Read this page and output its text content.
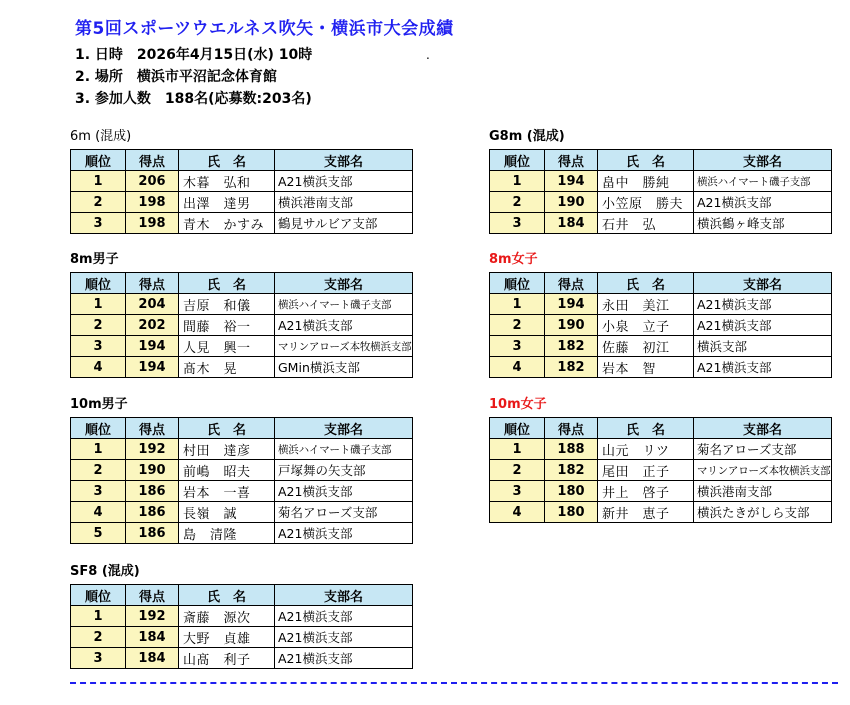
第5回スポーツウエルネス吹矢・横浜市大会成績
1. 日時　2026年4月15日(水) 10時
2. 場所　横浜市平沼記念体育館
3. 参加人数　188名(応募数:203名)
.
6m (混成)
順位	得点	氏　名	支部名
1	206	木暮　弘和	A21横浜支部
2	198	出澤　達男	横浜港南支部
3	198	青木　かすみ	鶴見サルビア支部
G8m (混成)
順位	得点	氏　名	支部名
1	194	畠中　勝純	横浜ハイマート磯子支部
2	190	小笠原　勝夫	A21横浜支部
3	184	石井　弘	横浜鶴ヶ峰支部
8m男子
順位	得点	氏　名	支部名
1	204	吉原　和儀	横浜ハイマート磯子支部
2	202	間藤　裕一	A21横浜支部
3	194	人見　興一	マリンアローズ本牧横浜支部
4	194	髙木　晃	GMin横浜支部
8m女子
順位	得点	氏　名	支部名
1	194	永田　美江	A21横浜支部
2	190	小泉　立子	A21横浜支部
3	182	佐藤　初江	横浜支部
4	182	岩本　智	A21横浜支部
10m男子
順位	得点	氏　名	支部名
1	192	村田　達彦	横浜ハイマート磯子支部
2	190	前嶋　昭夫	戸塚舞の矢支部
3	186	岩本　一喜	A21横浜支部
4	186	長嶺　誠	菊名アローズ支部
5	186	島　清隆	A21横浜支部
10m女子
順位	得点	氏　名	支部名
1	188	山元　リツ	菊名アローズ支部
2	182	尾田　正子	マリンアローズ本牧横浜支部
3	180	井上　啓子	横浜港南支部
4	180	新井　恵子	横浜たきがしら支部
SF8 (混成)
順位	得点	氏　名	支部名
1	192	斎藤　源次	A21横浜支部
2	184	大野　貞雄	A21横浜支部
3	184	山髙　利子	A21横浜支部
